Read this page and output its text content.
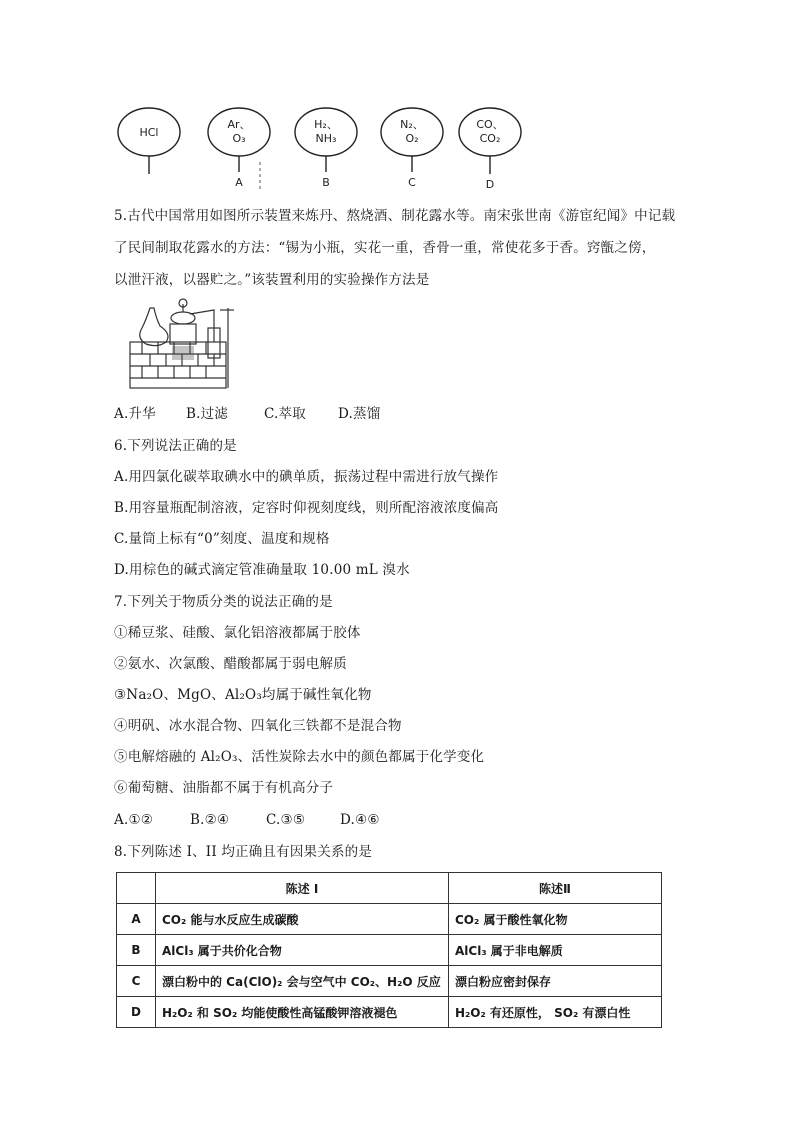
HCl
Ar、
O₃
H₂、
NH₃
N₂、
O₂
CO、
CO₂
A	B	C	D
5.古代中国常用如图所示装置来炼丹、熬烧酒、制花露水等。南宋张世南《游宦纪闻》中记载
了民间制取花露水的方法：“锡为小瓶，实花一重，香骨一重，常使花多于香。窍甑之傍，
以泄汗液，以器贮之。”该装置利用的实验操作方法是
A.升华 B.过滤	C.萃取 D.蒸馏
6.下列说法正确的是
A.用四氯化碳萃取碘水中的碘单质，振荡过程中需进行放气操作
B.用容量瓶配制溶液，定容时仰视刻度线，则所配溶液浓度偏高
C.量筒上标有“0”刻度、温度和规格
D.用棕色的碱式滴定管准确量取 10.00 mL 溴水
7.下列关于物质分类的说法正确的是
①稀豆浆、硅酸、氯化铝溶液都属于胶体
②氨水、次氯酸、醋酸都属于弱电解质
③Na₂O、MgO、Al₂O₃均属于碱性氧化物
④明矾、冰水混合物、四氧化三铁都不是混合物
⑤电解熔融的 Al₂O₃、活性炭除去水中的颜色都属于化学变化
⑥葡萄糖、油脂都不属于有机高分子
A.①②	B.②④	C.③⑤	D.④⑥
8.下列陈述 I、II 均正确且有因果关系的是
	陈述 I	陈述Ⅱ
A	CO₂ 能与水反应生成碳酸	CO₂ 属于酸性氧化物
B	AlCl₃ 属于共价化合物	AlCl₃ 属于非电解质
C	漂白粉中的 Ca(ClO)₂ 会与空气中 CO₂、H₂O 反应	漂白粉应密封保存
D	H₂O₂ 和 SO₂ 均能使酸性高锰酸钾溶液褪色	H₂O₂ 有还原性， SO₂ 有漂白性
